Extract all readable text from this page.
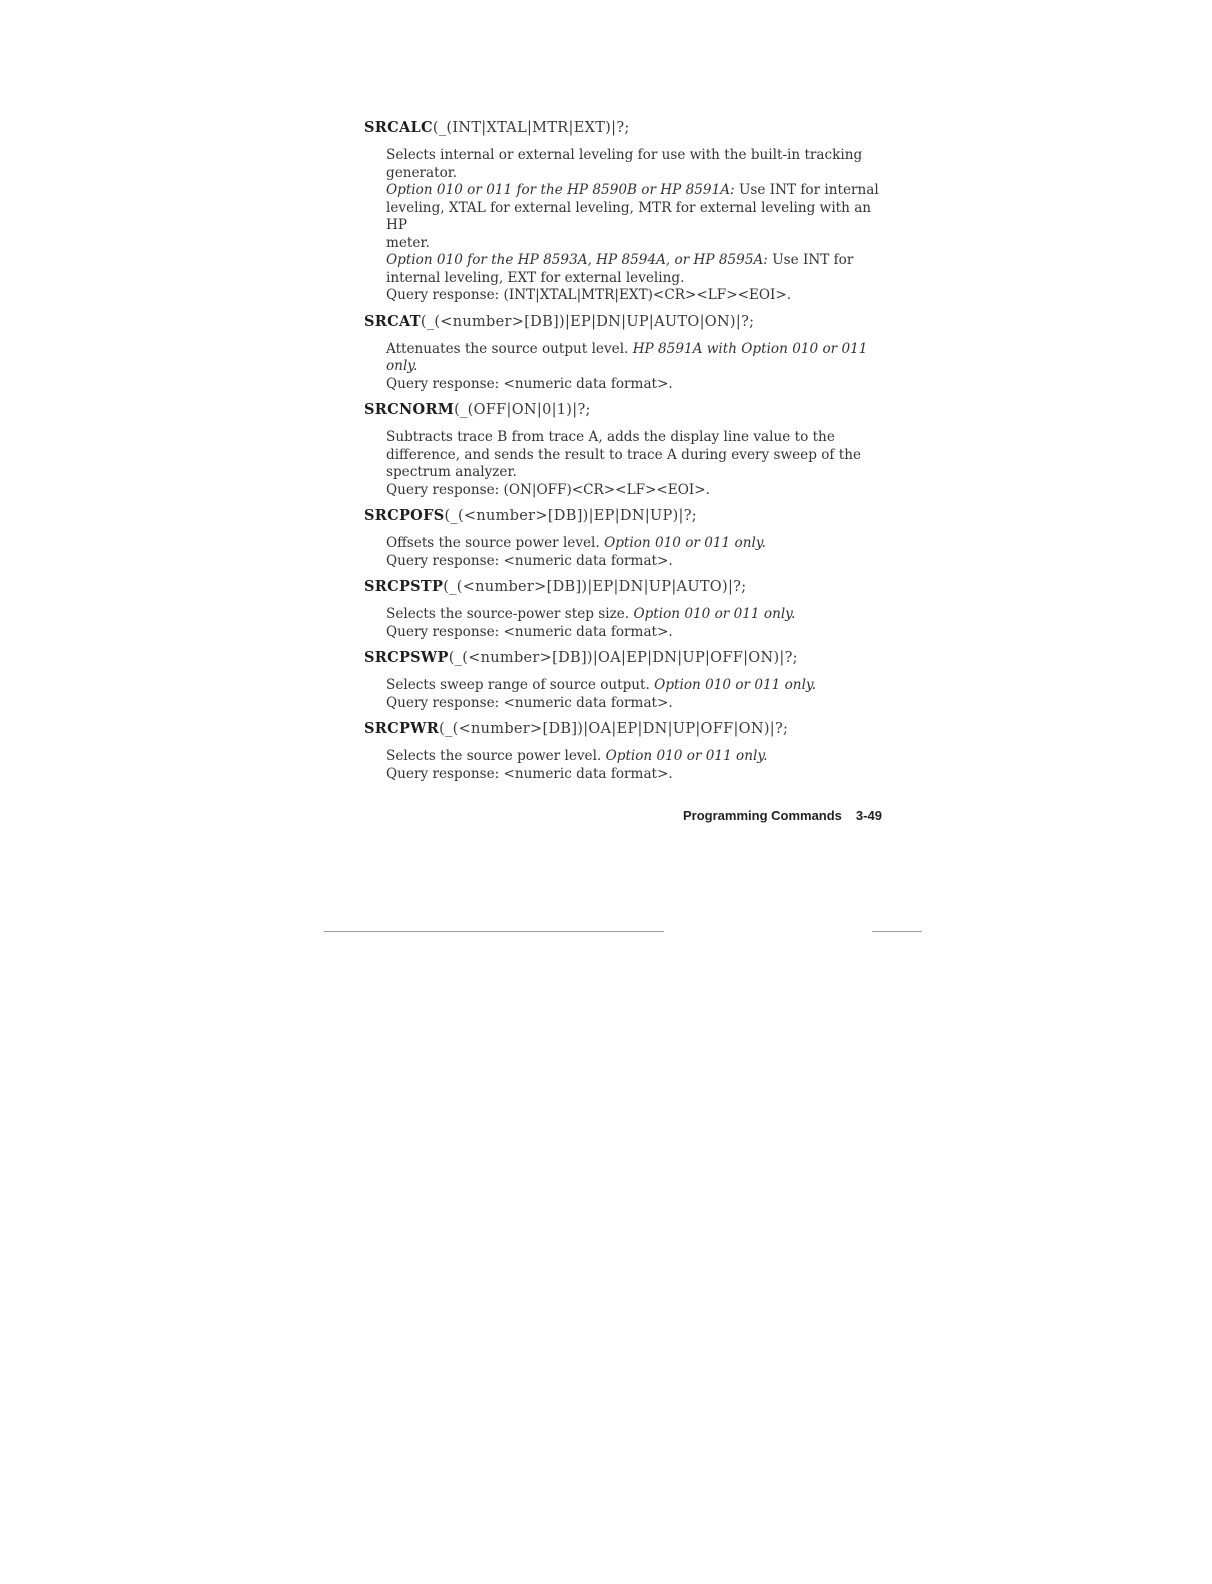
SRCALC(_(INT|XTAL|MTR|EXT)|?;
Selects internal or external leveling for use with the built-in tracking
generator.
Option 010 or 011 for the HP 8590B or HP 8591A: Use INT for internal
leveling, XTAL for external leveling, MTR for external leveling with an HP
meter.
Option 010 for the HP 8593A, HP 8594A, or HP 8595A: Use INT for
internal leveling, EXT for external leveling.
Query response: (INT|XTAL|MTR|EXT)<CR><LF><EOI>.
SRCAT(_(<number>[DB])|EP|DN|UP|AUTO|ON)|?;
Attenuates the source output level. HP 8591A with Option 010 or 011 only.
Query response: <numeric data format>.
SRCNORM(_(OFF|ON|0|1)|?;
Subtracts trace B from trace A, adds the display line value to the
difference, and sends the result to trace A during every sweep of the
spectrum analyzer.
Query response: (ON|OFF)<CR><LF><EOI>.
SRCPOFS(_(<number>[DB])|EP|DN|UP)|?;
Offsets the source power level. Option 010 or 011 only.
Query response: <numeric data format>.
SRCPSTP(_(<number>[DB])|EP|DN|UP|AUTO)|?;
Selects the source-power step size. Option 010 or 011 only.
Query response: <numeric data format>.
SRCPSWP(_(<number>[DB])|OA|EP|DN|UP|OFF|ON)|?;
Selects sweep range of source output. Option 010 or 011 only.
Query response: <numeric data format>.
SRCPWR(_(<number>[DB])|OA|EP|DN|UP|OFF|ON)|?;
Selects the source power level. Option 010 or 011 only.
Query response: <numeric data format>.
Programming Commands 3-49
